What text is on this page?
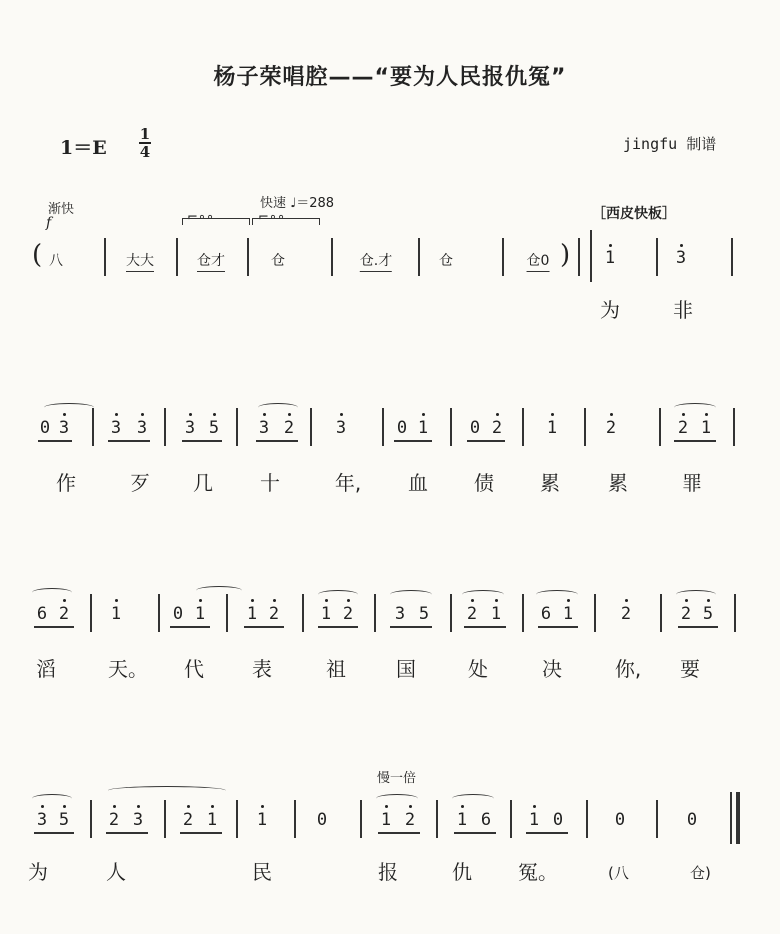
杨子荣唱腔——“要为人民报仇冤”
1＝E
1
4	jingfu 制谱
渐快
f
快速 ♩＝288
⌐∘∘	⌐∘∘	［西皮快板］
( 八	大大	仓才	仓	仓.才	仓	仓0 ) 1	3
为	非
0 3 3 3 3 5 3 2 3	0 1 0 2	1	2	2 1
作	歹 几 十	年, 血 债 累 累	罪
6 2 1	0 1 1 2 1 2 3 5 2 1 6 1	2	2 5
滔	天。 代 表	祖	国	处	决	你, 要
慢一倍
3 5 2 3 2 1 1	0	1 2 1 6 1 0	0	0
为	人	民	报	仇 冤。	(八	仓)
